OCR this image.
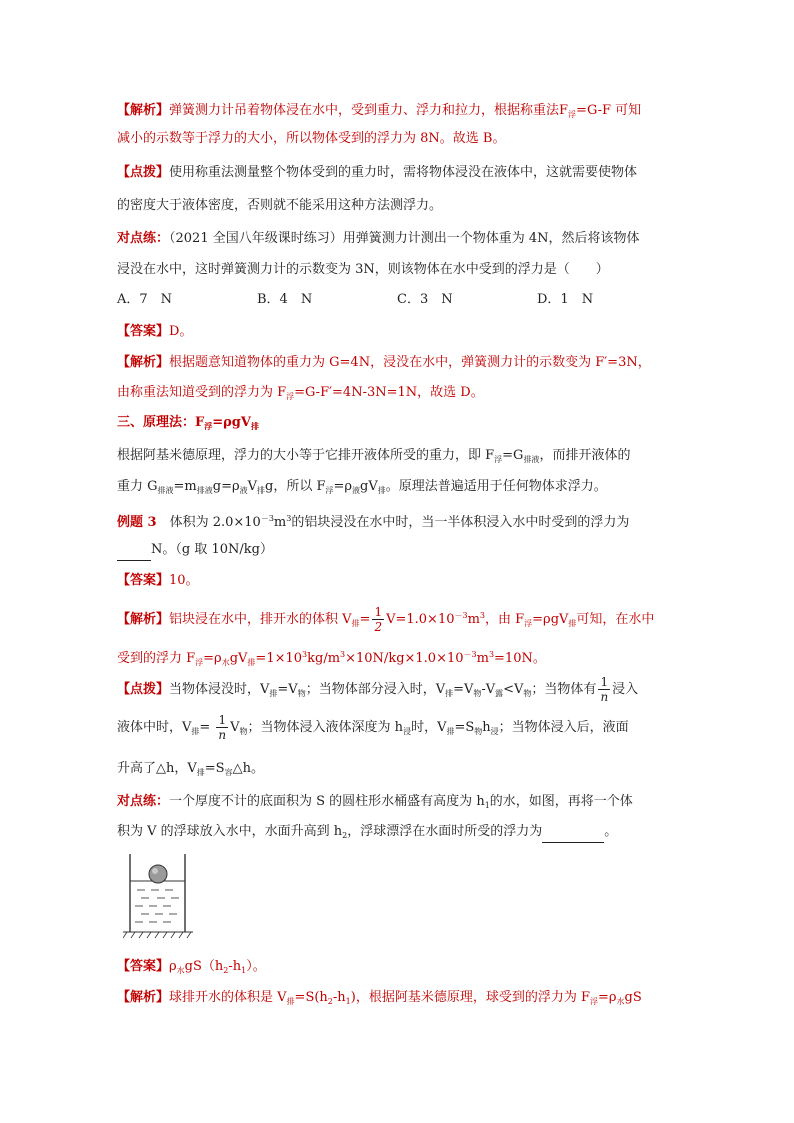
【解析】弹簧测力计吊着物体浸在水中，受到重力、浮力和拉力，根据称重法$F_浮=G-F$ 可知
减小的示数等于浮力的大小，所以物体受到的浮力为 8N。故选 B。
【点拨】使用称重法测量整个物体受到的重力时，需将物体浸没在液体中，这就需要使物体
的密度大于液体密度，否则就不能采用这种方法测浮力。
对点练：（2021 全国八年级课时练习）用弹簧测力计测出一个物体重为 4N，然后将该物体
浸没在水中，这时弹簧测力计的示数变为 3N，则该物体在水中受到的浮力是（　　）
A．7　N	B．4　N	C．3　N	D．1　N
【答案】D。
【解析】根据题意知道物体的重力为 G=4N，浸没在水中，弹簧测力计的示数变为 F′=3N，
由称重法知道受到的浮力为 $F_浮=G-F'=4N-3N=1N$，故选 D。
三、原理法：$F_浮=\rho gV_排$
根据阿基米德原理，浮力的大小等于它排开液体所受的重力，即 $F_浮=G_{排液}$，而排开液体的
重力 $G_{排液}=m_{排液}g=\rho_液V_排g$，所以 $F_浮=\rho_液gV_排$。原理法普遍适用于任何物体求浮力。
例题 3　体积为 $2.0\times 10^{-3}m^3$的铝块浸没在水中时，当一半体积浸入水中时受到的浮力为
N。（g 取 10N/kg）
【答案】10。
【解析】铝块浸在水中，排开水的体积 $V_排= \frac{1}{2} V=1.0\times 10^{-3}m^3$，由 $F_浮=\rho gV_排$可知，在水中
受到的浮力 $F_浮=\rho_水gV_排=1\times 10^3kg/m^3\times 10N/kg\times 1.0\times 10^{-3}m^3=10N$。
【点拨】当物体浸没时，$V_排=V_物$；当物体部分浸入时，$V_排=V_物-V_露<V_物$；当物体有 $\frac{1}{n}$ 浸入
液体中时，$V_排= \frac{1}{n} V_物$；当物体浸入液体深度为 $h_浸$时，$V_排=S_物h_浸$；当物体浸入后，液面
升高了△h，$V_排=S_容\triangle h$。
对点练：一个厚度不计的底面积为 S 的圆柱形水桶盛有高度为 $h_1$的水，如图，再将一个体
积为 V 的浮球放入水中，水面升高到 $h_2$，浮球漂浮在水面时所受的浮力为	。
【答案】$\rho_水gS(h_2-h_1)$。
【解析】球排开水的体积是 $V_排=S(h_2-h_1)$，根据阿基米德原理，球受到的浮力为 $F_浮=\rho_水gS$
